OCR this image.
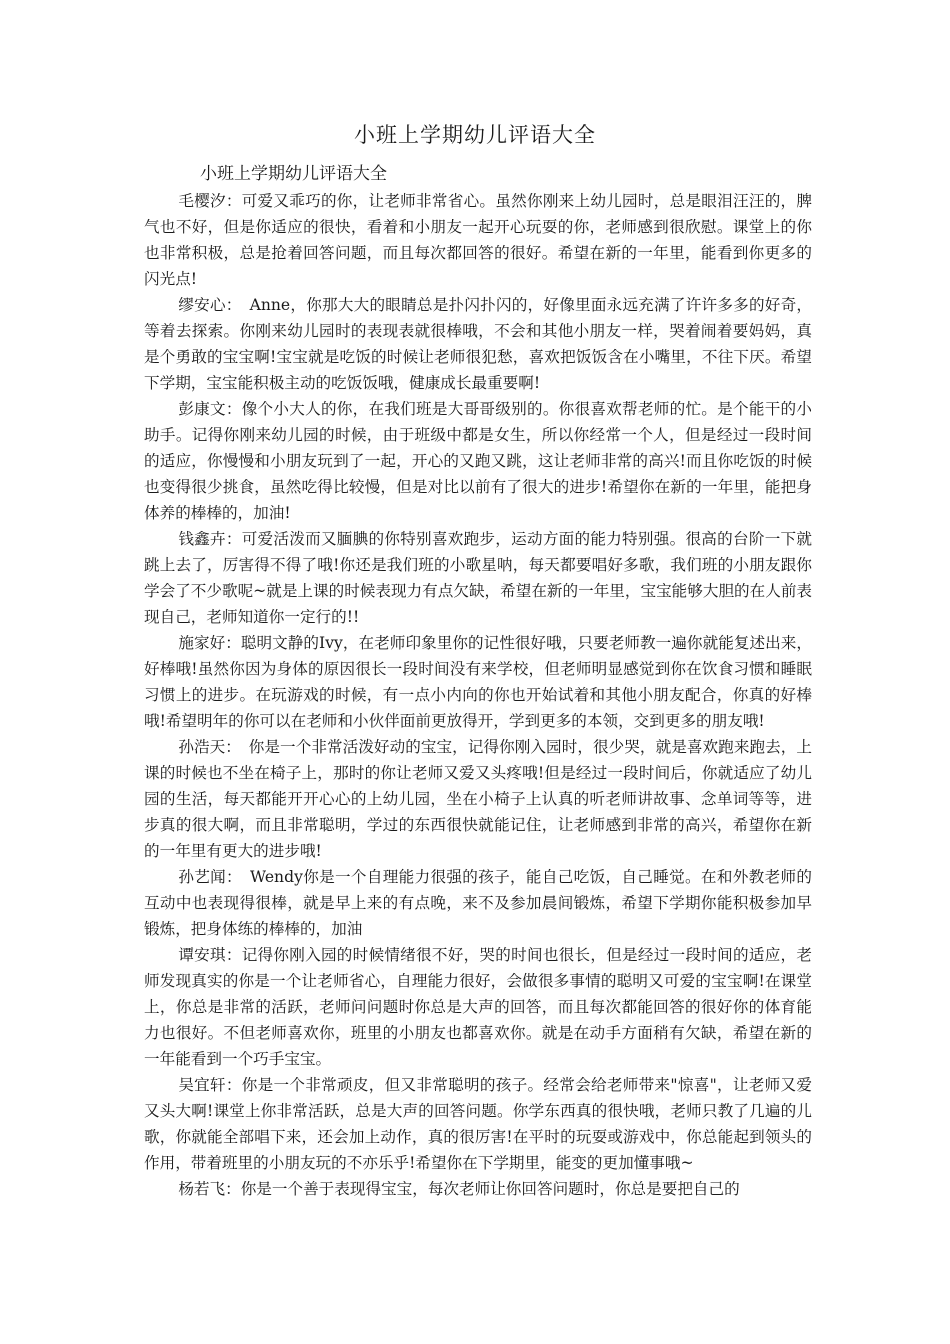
小班上学期幼儿评语大全

小班上学期幼儿评语大全

毛樱汐：可爱又乖巧的你，让老师非常省心。虽然你刚来上幼儿园时，总是眼泪汪汪的，脾气也不好，但是你适应的很快，看着和小朋友一起开心玩耍的你，老师感到很欣慰。课堂上的你也非常积极，总是抢着回答问题，而且每次都回答的很好。希望在新的一年里，能看到你更多的闪光点!

缪安心：　Anne，你那大大的眼睛总是扑闪扑闪的，好像里面永远充满了许许多多的好奇，等着去探索。你刚来幼儿园时的表现表就很棒哦，不会和其他小朋友一样，哭着闹着要妈妈，真是个勇敢的宝宝啊!宝宝就是吃饭的时候让老师很犯愁，喜欢把饭饭含在小嘴里，不往下厌。希望下学期，宝宝能积极主动的吃饭饭哦，健康成长最重要啊!

彭康文：像个小大人的你，在我们班是大哥哥级别的。你很喜欢帮老师的忙。是个能干的小助手。记得你刚来幼儿园的时候，由于班级中都是女生，所以你经常一个人，但是经过一段时间的适应，你慢慢和小朋友玩到了一起，开心的又跑又跳，这让老师非常的高兴!而且你吃饭的时候也变得很少挑食，虽然吃得比较慢，但是对比以前有了很大的进步!希望你在新的一年里，能把身体养的棒棒的，加油!

钱鑫卉：可爱活泼而又腼腆的你特别喜欢跑步，运动方面的能力特别强。很高的台阶一下就跳上去了，厉害得不得了哦!你还是我们班的小歌星呐，每天都要唱好多歌，我们班的小朋友跟你学会了不少歌呢~就是上课的时候表现力有点欠缺，希望在新的一年里，宝宝能够大胆的在人前表现自己，老师知道你一定行的!!

施家好：聪明文静的Ivy，在老师印象里你的记性很好哦，只要老师教一遍你就能复述出来，好棒哦!虽然你因为身体的原因很长一段时间没有来学校，但老师明显感觉到你在饮食习惯和睡眠习惯上的进步。在玩游戏的时候，有一点小内向的你也开始试着和其他小朋友配合，你真的好棒哦!希望明年的你可以在老师和小伙伴面前更放得开，学到更多的本领，交到更多的朋友哦!

孙浩天：　你是一个非常活泼好动的宝宝，记得你刚入园时，很少哭，就是喜欢跑来跑去，上课的时候也不坐在椅子上，那时的你让老师又爱又头疼哦!但是经过一段时间后，你就适应了幼儿园的生活，每天都能开开心心的上幼儿园，坐在小椅子上认真的听老师讲故事、念单词等等，进步真的很大啊，而且非常聪明，学过的东西很快就能记住，让老师感到非常的高兴，希望你在新的一年里有更大的进步哦!

孙艺闻：　Wendy你是一个自理能力很强的孩子，能自己吃饭，自己睡觉。在和外教老师的互动中也表现得很棒，就是早上来的有点晚，来不及参加晨间锻炼，希望下学期你能积极参加早锻炼，把身体练的棒棒的，加油

谭安琪：记得你刚入园的时候情绪很不好，哭的时间也很长，但是经过一段时间的适应，老师发现真实的你是一个让老师省心，自理能力很好，会做很多事情的聪明又可爱的宝宝啊!在课堂上，你总是非常的活跃，老师问问题时你总是大声的回答，而且每次都能回答的很好你的体育能力也很好。不但老师喜欢你，班里的小朋友也都喜欢你。就是在动手方面稍有欠缺，希望在新的一年能看到一个巧手宝宝。

吴宜轩：你是一个非常顽皮，但又非常聪明的孩子。经常会给老师带来"惊喜"，让老师又爱又头大啊!课堂上你非常活跃，总是大声的回答问题。你学东西真的很快哦，老师只教了几遍的儿歌，你就能全部唱下来，还会加上动作，真的很厉害!在平时的玩耍或游戏中，你总能起到领头的作用，带着班里的小朋友玩的不亦乐乎!希望你在下学期里，能变的更加懂事哦~

杨若飞：你是一个善于表现得宝宝，每次老师让你回答问题时，你总是要把自己的
